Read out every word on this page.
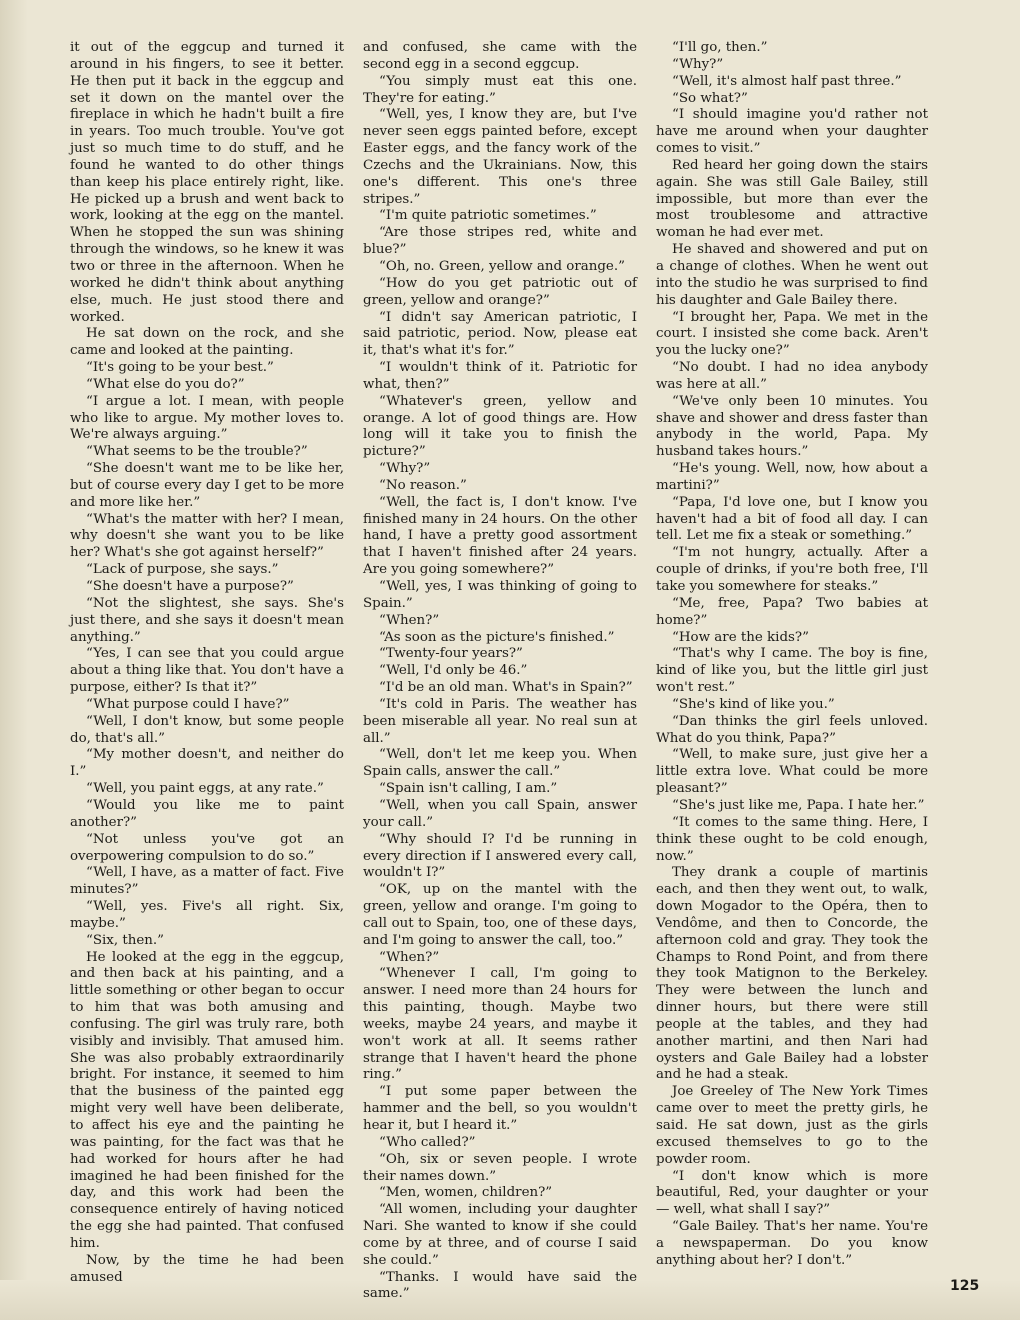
it out of the eggcup and turned it around in his fingers, to see it better. He then put it back in the eggcup and set it down on the mantel over the fireplace in which he hadn't built a fire in years. Too much trouble. You've got just so much time to do stuff, and he found he wanted to do other things than keep his place entirely right, like. He picked up a brush and went back to work, looking at the egg on the mantel. When he stopped the sun was shining through the windows, so he knew it was two or three in the afternoon. When he worked he didn't think about anything else, much. He just stood there and worked.

He sat down on the rock, and she came and looked at the painting.

“It's going to be your best.”

“What else do you do?”

“I argue a lot. I mean, with people who like to argue. My mother loves to. We're always arguing.”

“What seems to be the trouble?”

“She doesn't want me to be like her, but of course every day I get to be more and more like her.”

“What's the matter with her? I mean, why doesn't she want you to be like her? What's she got against herself?”

“Lack of purpose, she says.”

“She doesn't have a purpose?”

“Not the slightest, she says. She's just there, and she says it doesn't mean anything.”

“Yes, I can see that you could argue about a thing like that. You don't have a purpose, either? Is that it?”

“What purpose could I have?”

“Well, I don't know, but some people do, that's all.”

“My mother doesn't, and neither do I.”

“Well, you paint eggs, at any rate.”

“Would you like me to paint another?”

“Not unless you've got an overpowering compulsion to do so.”

“Well, I have, as a matter of fact. Five minutes?”

“Well, yes. Five's all right. Six, maybe.”

“Six, then.”

He looked at the egg in the eggcup, and then back at his painting, and a little something or other began to occur to him that was both amusing and confusing. The girl was truly rare, both visibly and invisibly. That amused him. She was also probably extraordinarily bright. For instance, it seemed to him that the business of the painted egg might very well have been deliberate, to affect his eye and the painting he was painting, for the fact was that he had worked for hours after he had imagined he had been finished for the day, and this work had been the consequence entirely of having noticed the egg she had painted. That confused him.

Now, by the time he had been amused

and confused, she came with the second egg in a second eggcup.

“You simply must eat this one. They're for eating.”

“Well, yes, I know they are, but I've never seen eggs painted before, except Easter eggs, and the fancy work of the Czechs and the Ukrainians. Now, this one's different. This one's three stripes.”

“I'm quite patriotic sometimes.”

“Are those stripes red, white and blue?”

“Oh, no. Green, yellow and orange.”

“How do you get patriotic out of green, yellow and orange?”

“I didn't say American patriotic, I said patriotic, period. Now, please eat it, that's what it's for.”

“I wouldn't think of it. Patriotic for what, then?”

“Whatever's green, yellow and orange. A lot of good things are. How long will it take you to finish the picture?”

“Why?”

“No reason.”

“Well, the fact is, I don't know. I've finished many in 24 hours. On the other hand, I have a pretty good assortment that I haven't finished after 24 years. Are you going somewhere?”

“Well, yes, I was thinking of going to Spain.”

“When?”

“As soon as the picture's finished.”

“Twenty-four years?”

“Well, I'd only be 46.”

“I'd be an old man. What's in Spain?”

“It's cold in Paris. The weather has been miserable all year. No real sun at all.”

“Well, don't let me keep you. When Spain calls, answer the call.”

“Spain isn't calling, I am.”

“Well, when you call Spain, answer your call.”

“Why should I? I'd be running in every direction if I answered every call, wouldn't I?”

“OK, up on the mantel with the green, yellow and orange. I'm going to call out to Spain, too, one of these days, and I'm going to answer the call, too.”

“When?”

“Whenever I call, I'm going to answer. I need more than 24 hours for this painting, though. Maybe two weeks, maybe 24 years, and maybe it won't work at all. It seems rather strange that I haven't heard the phone ring.”

“I put some paper between the hammer and the bell, so you wouldn't hear it, but I heard it.”

“Who called?”

“Oh, six or seven people. I wrote their names down.”

“Men, women, children?”

“All women, including your daughter Nari. She wanted to know if she could come by at three, and of course I said she could.”

“Thanks. I would have said the same.”

“I'll go, then.”

“Why?”

“Well, it's almost half past three.”

“So what?”

“I should imagine you'd rather not have me around when your daughter comes to visit.”

Red heard her going down the stairs again. She was still Gale Bailey, still impossible, but more than ever the most troublesome and attractive woman he had ever met.

He shaved and showered and put on a change of clothes. When he went out into the studio he was surprised to find his daughter and Gale Bailey there.

“I brought her, Papa. We met in the court. I insisted she come back. Aren't you the lucky one?”

“No doubt. I had no idea anybody was here at all.”

“We've only been 10 minutes. You shave and shower and dress faster than anybody in the world, Papa. My husband takes hours.”

“He's young. Well, now, how about a martini?”

“Papa, I'd love one, but I know you haven't had a bit of food all day. I can tell. Let me fix a steak or something.”

“I'm not hungry, actually. After a couple of drinks, if you're both free, I'll take you somewhere for steaks.”

“Me, free, Papa? Two babies at home?”

“How are the kids?”

“That's why I came. The boy is fine, kind of like you, but the little girl just won't rest.”

“She's kind of like you.”

“Dan thinks the girl feels unloved. What do you think, Papa?”

“Well, to make sure, just give her a little extra love. What could be more pleasant?”

“She's just like me, Papa. I hate her.”

“It comes to the same thing. Here, I think these ought to be cold enough, now.”

They drank a couple of martinis each, and then they went out, to walk, down Mogador to the Opéra, then to Vendôme, and then to Concorde, the afternoon cold and gray. They took the Champs to Rond Point, and from there they took Matignon to the Berkeley. They were between the lunch and dinner hours, but there were still people at the tables, and they had another martini, and then Nari had oysters and Gale Bailey had a lobster and he had a steak.

Joe Greeley of The New York Times came over to meet the pretty girls, he said. He sat down, just as the girls excused themselves to go to the powder room.

“I don't know which is more beautiful, Red, your daughter or your — well, what shall I say?”

“Gale Bailey. That's her name. You're a newspaperman. Do you know anything about her? I don't.”

125
